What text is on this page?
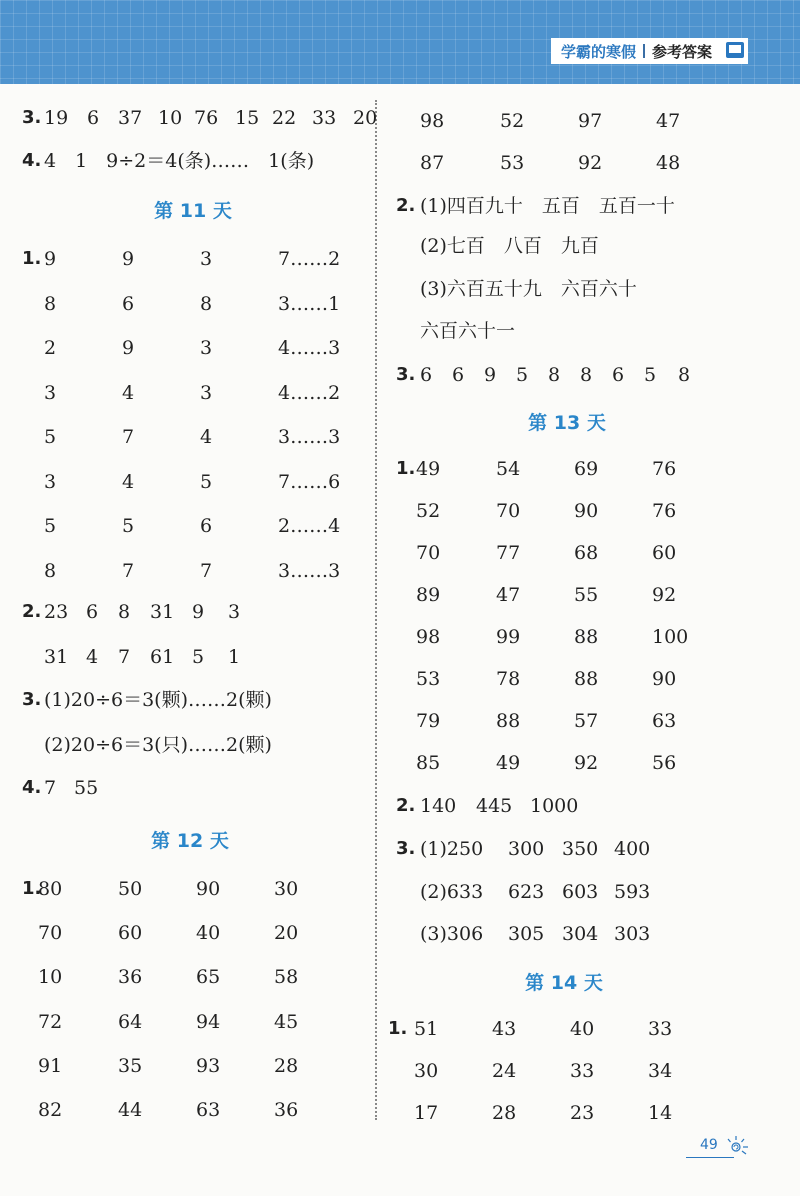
学霸的寒假 参考答案
3. 19 6 37 10 76 15 22 33 20
4. 4　1　9÷2＝4(条)……　1(条)
第 11 天
1. 9	9	3	7……2
8	6	8	3……1
2	9	3	4……3
3	4	3	4……2
5	7	4	3……3
3	4	5	7……6
5	5	6	2……4
8	7	7	3……3
2. 23 6 8 31 9 3
31 4 7 61 5 1
3. (1)20÷6＝3(颗)……2(颗)
(2)20÷6＝3(只)……2(颗)
4. 7 55
第 12 天
1.
80	50	90	30
70	60	40	20
10	36	65	58
72	64	94	45
91	35	93	28
82	44	63	36
98	52	97	47
87	53	92	48
2. (1)四百九十　五百　五百一十
(2)七百　八百　九百
(3)六百五十九　六百六十
六百六十一
3. 6 6 9 5 8 8 6 5 8
第 13 天
1. 49	54	69	76
52	70	90	76
70	77	68	60
89	47	55	92
98	99	88	100
53	78	88	90
79	88	57	63
85	49	92	56
2. 140 445 1000
3. (1)250 300 350 400
(2)633 623 603 593
(3)306 305 304 303
第 14 天
1. 51	43	40	33
30	24	33	34
17	28	23	14
49
